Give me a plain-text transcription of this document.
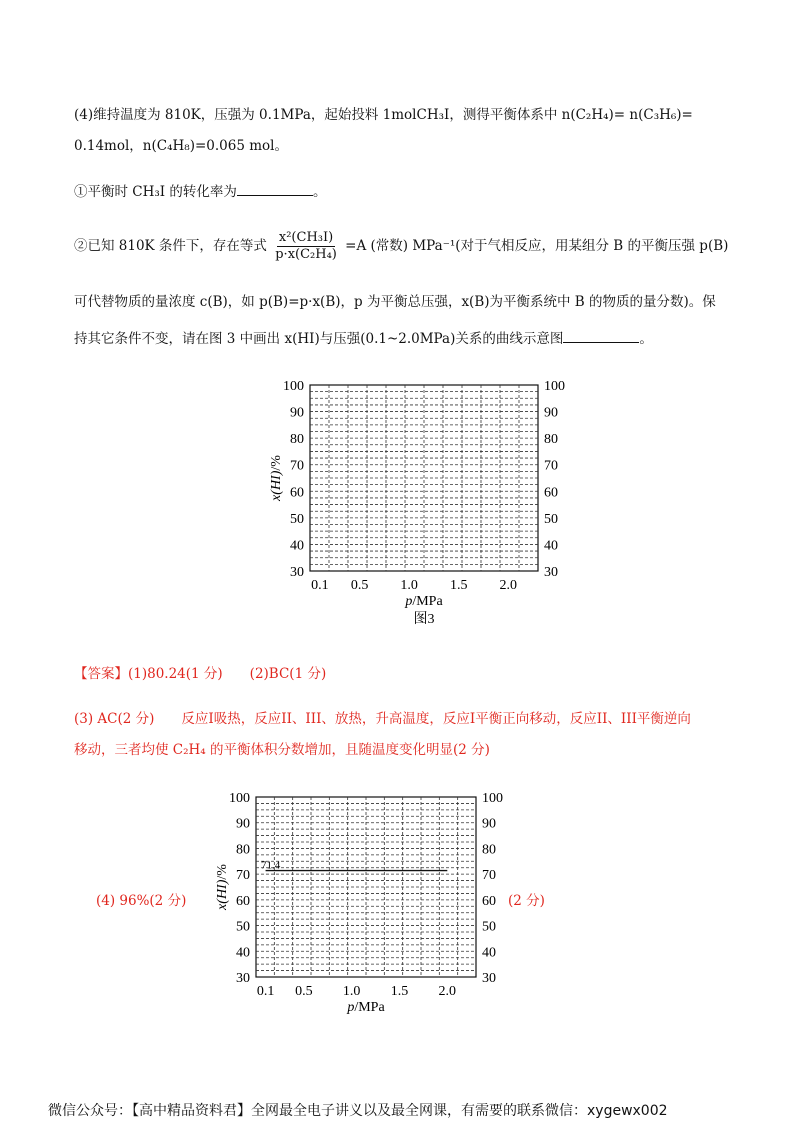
(4)维持温度为 810K，压强为 0.1MPa，起始投料 1molCH₃I，测得平衡体系中 n(C₂H₄)= n(C₃H₆)=
0.14mol，n(C₄H₈)=0.065 mol。
①平衡时 CH₃I 的转化率为	。
②已知 810K 条件下，存在等式 $\frac{\text{x²(CH₃I)}}{\text{p·x(C₂H₄)}} =A$ (常数) MPa⁻¹(对于气相反应，用某组分 B 的平衡压强 p(B)
可代替物质的量浓度 c(B)，如 p(B)=p·x(B)，p 为平衡总压强，x(B)为平衡系统中 B 的物质的量分数)。保
持其它条件不变，请在图 3 中画出 x(HI)与压强(0.1~2.0MPa)关系的曲线示意图	。
30	30
40	40
50	50
60	60
70	70
80	80
90	90
100	100
0.1 0.5 1.0 1.5 2.0
p/MPa
x(HI)/%
图3
30	30
40	40
50	50
60	60
70	70
80	80
90	90
100	100
0.1 0.5 1.0 1.5 2.0
p/MPa
x(HI)/%	71.4
【答案】(1)80.24(1 分)　　(2)BC(1 分)
(3) AC(2 分)　　反应I吸热，反应II、III、放热，升高温度，反应I平衡正向移动，反应II、III平衡逆向
移动，三者均使 C₂H₄ 的平衡体积分数增加，且随温度变化明显(2 分)
(4) 96%(2 分)	(2 分)
微信公众号：【高中精品资料君】全网最全电子讲义以及最全网课，有需要的联系微信：xygewx002
